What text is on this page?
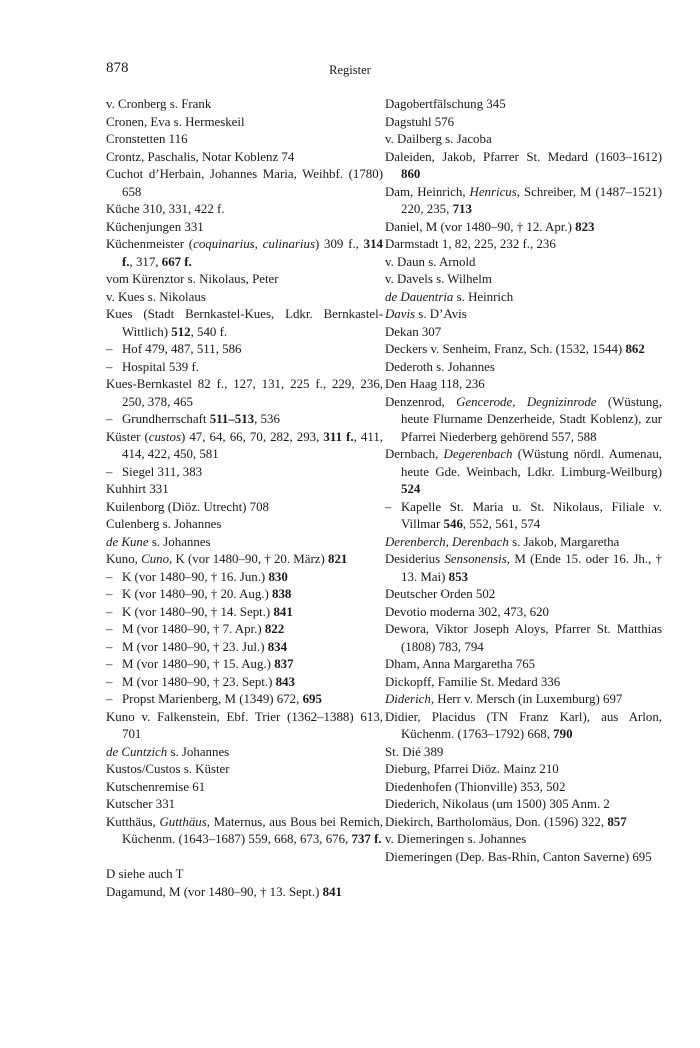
878	Register
v. Cronberg s. Frank
Cronen, Eva s. Hermeskeil
Cronstetten 116
Crontz, Paschalis, Notar Koblenz 74
Cuchot d’Herbain, Johannes Maria, Weihbf. (1780) 658
Küche 310, 331, 422 f.
Küchenjungen 331
Küchenmeister (coquinarius, culinarius) 309 f., 314 f., 317, 667 f.
vom Kürenztor s. Nikolaus, Peter
v. Kues s. Nikolaus
Kues (Stadt Bernkastel-Kues, Ldkr. Bernkastel-Wittlich) 512, 540 f.
– Hof 479, 487, 511, 586
– Hospital 539 f.
Kues-Bernkastel 82 f., 127, 131, 225 f., 229, 236, 250, 378, 465
– Grundherrschaft 511–513, 536
Küster (custos) 47, 64, 66, 70, 282, 293, 311 f., 411, 414, 422, 450, 581
– Siegel 311, 383
Kuhhirt 331
Kuilenborg (Diöz. Utrecht) 708
Culenberg s. Johannes
de Kune s. Johannes
Kuno, Cuno, K (vor 1480–90, † 20. März) 821
– K (vor 1480–90, † 16. Jun.) 830
– K (vor 1480–90, † 20. Aug.) 838
– K (vor 1480–90, † 14. Sept.) 841
– M (vor 1480–90, † 7. Apr.) 822
– M (vor 1480–90, † 23. Jul.) 834
– M (vor 1480–90, † 15. Aug.) 837
– M (vor 1480–90, † 23. Sept.) 843
– Propst Marienberg, M (1349) 672, 695
Kuno v. Falkenstein, Ebf. Trier (1362–1388) 613, 701
de Cuntzich s. Johannes
Kustos/Custos s. Küster
Kutschenremise 61
Kutscher 331
Kutthäus, Gutthäus, Maternus, aus Bous bei Remich, Küchenm. (1643–1687) 559, 668, 673, 676, 737 f.
D siehe auch T
Dagamund, M (vor 1480–90, † 13. Sept.) 841
Dagobertfälschung 345
Dagstuhl 576
v. Dailberg s. Jacoba
Daleiden, Jakob, Pfarrer St. Medard (1603–1612) 860
Dam, Heinrich, Henricus, Schreiber, M (1487–1521) 220, 235, 713
Daniel, M (vor 1480–90, † 12. Apr.) 823
Darmstadt 1, 82, 225, 232 f., 236
v. Daun s. Arnold
v. Davels s. Wilhelm
de Dauentria s. Heinrich
Davis s. D’Avis
Dekan 307
Deckers v. Senheim, Franz, Sch. (1532, 1544) 862
Dederoth s. Johannes
Den Haag 118, 236
Denzenrod, Gencerode, Degnizinrode (Wüstung, heute Flurname Denzerheide, Stadt Koblenz), zur Pfarrei Niederberg gehörend 557, 588
Dernbach, Degerenbach (Wüstung nördl. Aumenau, heute Gde. Weinbach, Ldkr. Limburg-Weilburg) 524
– Kapelle St. Maria u. St. Nikolaus, Filiale v. Villmar 546, 552, 561, 574
Derenberch, Derenbach s. Jakob, Margaretha
Desiderius Sensonensis, M (Ende 15. oder 16. Jh., † 13. Mai) 853
Deutscher Orden 502
Devotio moderna 302, 473, 620
Dewora, Viktor Joseph Aloys, Pfarrer St. Matthias (1808) 783, 794
Dham, Anna Margaretha 765
Dickopff, Familie St. Medard 336
Diderich, Herr v. Mersch (in Luxemburg) 697
Didier, Placidus (TN Franz Karl), aus Arlon, Küchenm. (1763–1792) 668, 790
St. Dié 389
Dieburg, Pfarrei Diöz. Mainz 210
Diedenhofen (Thionville) 353, 502
Diederich, Nikolaus (um 1500) 305 Anm. 2
Diekirch, Bartholomäus, Don. (1596) 322, 857
v. Diemeringen s. Johannes
Diemeringen (Dep. Bas-Rhin, Canton Saverne) 695
